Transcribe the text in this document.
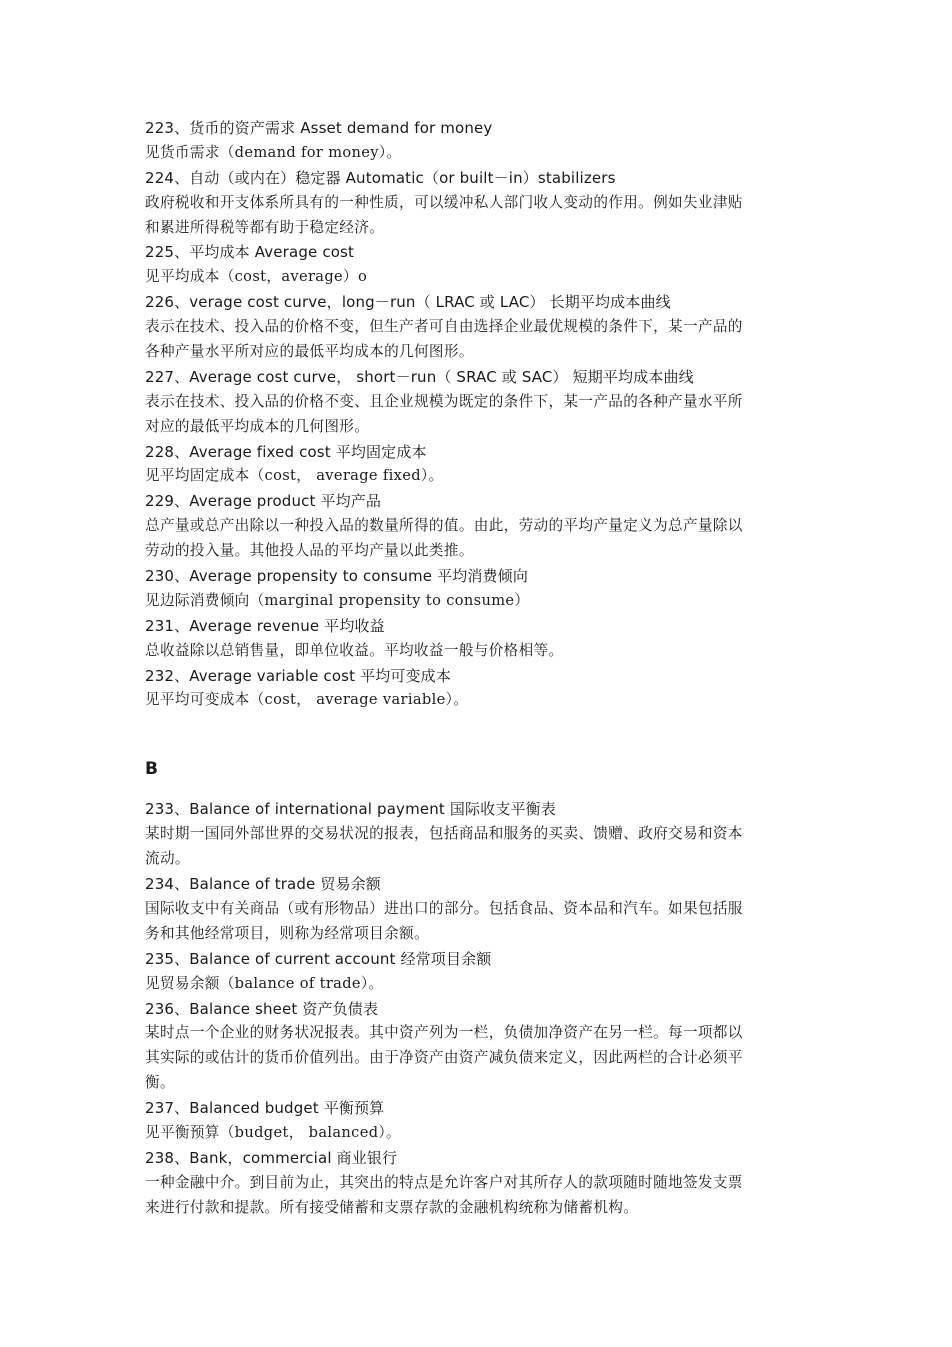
223、货币的资产需求 Asset demand for money
见货币需求（demand for money）。
224、自动（或内在）稳定器 Automatic（or built－in）stabilizers
政府税收和开支体系所具有的一种性质，可以缓冲私人部门收人变动的作用。例如失业津贴
和累进所得税等都有助于稳定经济。
225、平均成本 Average cost
见平均成本（cost，average）o
226、verage cost curve，long－run（ LRAC 或 LAC） 长期平均成本曲线
表示在技术、投入品的价格不变，但生产者可自由选择企业最优规模的条件下，某一产品的
各种产量水平所对应的最低平均成本的几何图形。
227、Average cost curve， short－run（ SRAC 或 SAC） 短期平均成本曲线
表示在技术、投入品的价格不变、且企业规模为既定的条件下，某一产品的各种产量水平所
对应的最低平均成本的几何图形。
228、Average fixed cost 平均固定成本
见平均固定成本（cost， average fixed）。
229、Average product 平均产品
总产量或总产出除以一种投入品的数量所得的值。由此，劳动的平均产量定义为总产量除以
劳动的投入量。其他投人品的平均产量以此类推。
230、Average propensity to consume 平均消费倾向
见边际消费倾向（marginal propensity to consume）
231、Average revenue 平均收益
总收益除以总销售量，即单位收益。平均收益一般与价格相等。
232、Average variable cost 平均可变成本
见平均可变成本（cost， average variable）。
B
233、Balance of international payment 国际收支平衡表
某时期一国同外部世界的交易状况的报表，包括商品和服务的买卖、馈赠、政府交易和资本
流动。
234、Balance of trade 贸易余额
国际收支中有关商品（或有形物品）进出口的部分。包括食品、资本品和汽车。如果包括服
务和其他经常项目，则称为经常项目余额。
235、Balance of current account 经常项目余额
见贸易余额（balance of trade）。
236、Balance sheet 资产负债表
某时点一个企业的财务状况报表。其中资产列为一栏，负债加净资产在另一栏。每一项都以
其实际的或估计的货币价值列出。由于净资产由资产减负债来定义，因此两栏的合计必须平
衡。
237、Balanced budget 平衡预算
见平衡预算（budget， balanced）。
238、Bank，commercial 商业银行
一种金融中介。到目前为止，其突出的特点是允许客户对其所存人的款项随时随地签发支票
来进行付款和提款。所有接受储蓄和支票存款的金融机构统称为储蓄机构。
